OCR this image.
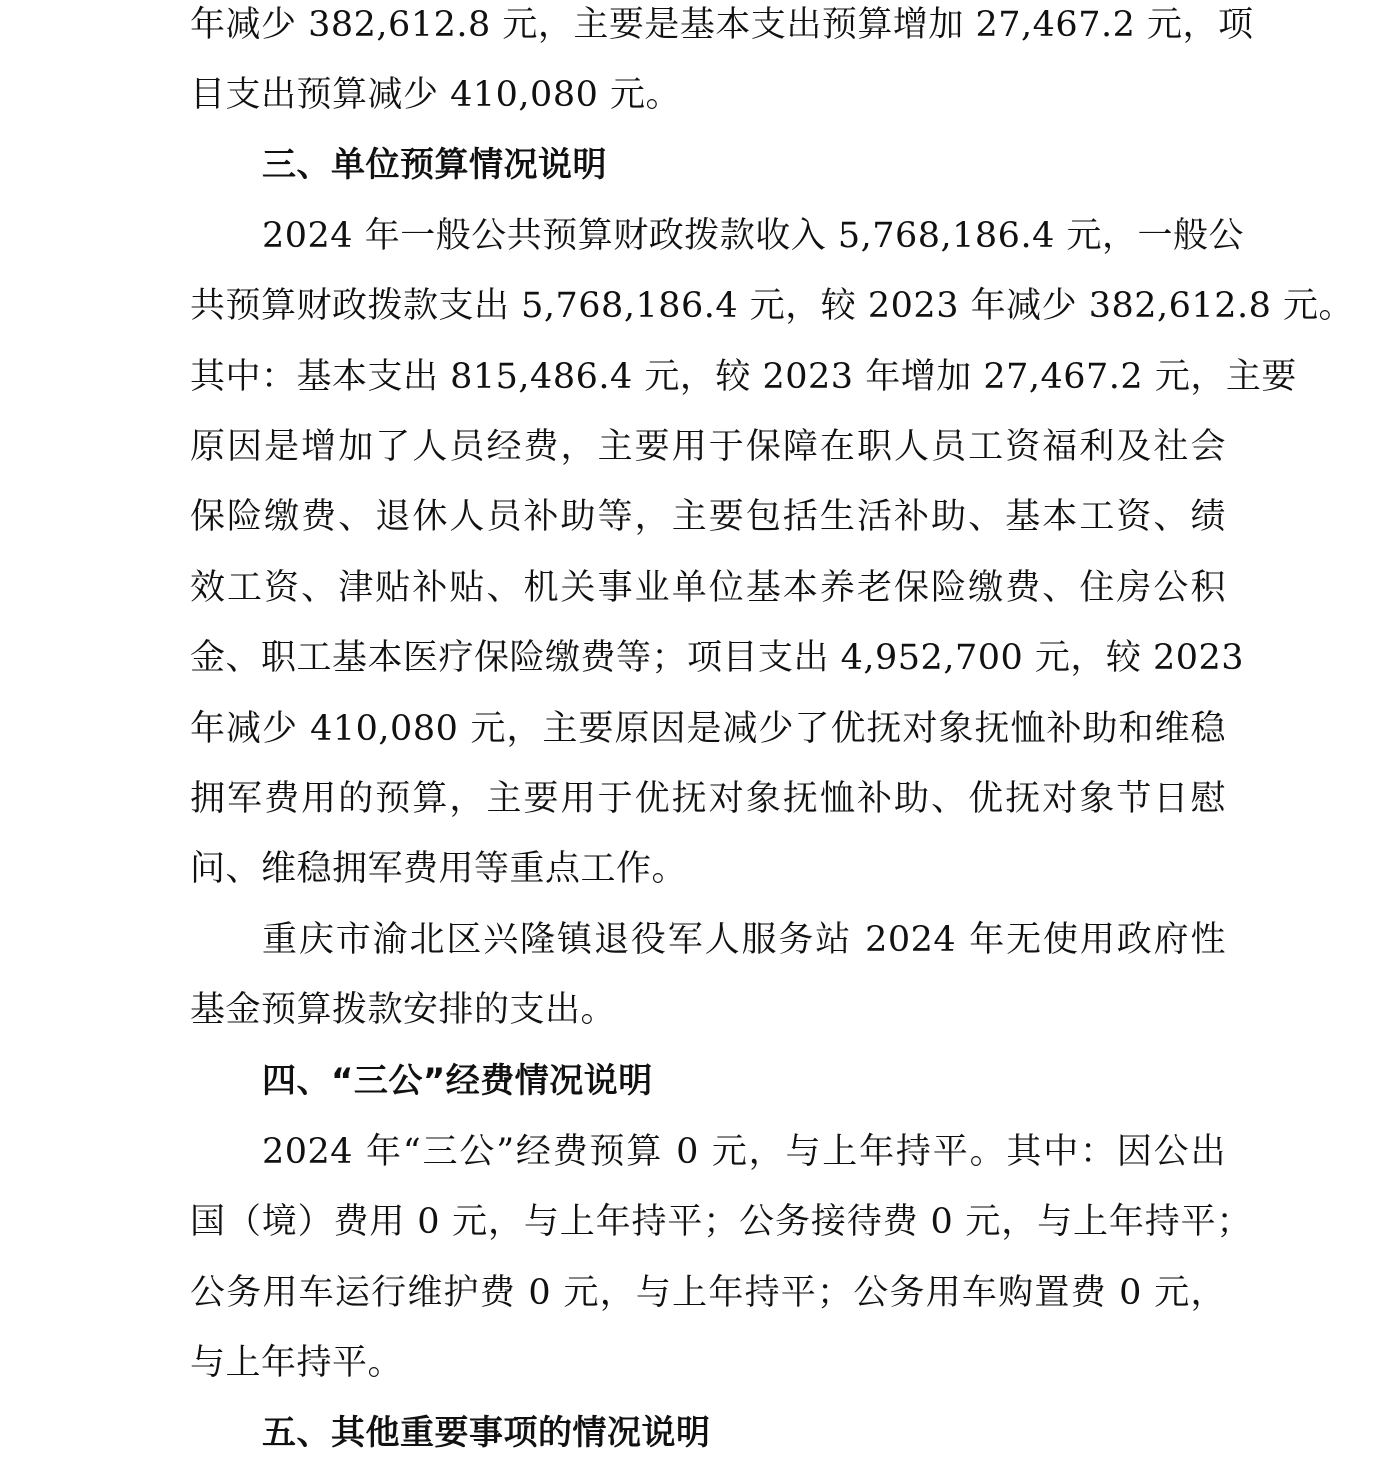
年减少 382,612.8 元，主要是基本支出预算增加 27,467.2 元，项
目支出预算减少 410,080 元。
三、单位预算情况说明
2024 年一般公共预算财政拨款收入 5,768,186.4 元，一般公
共预算财政拨款支出 5,768,186.4 元，较 2023 年减少 382,612.8 元。
其中：基本支出 815,486.4 元，较 2023 年增加 27,467.2 元，主要
原因是增加了人员经费，主要用于保障在职人员工资福利及社会
保险缴费、退休人员补助等，主要包括生活补助、基本工资、绩
效工资、津贴补贴、机关事业单位基本养老保险缴费、住房公积
金、职工基本医疗保险缴费等；项目支出 4,952,700 元，较 2023
年减少 410,080 元，主要原因是减少了优抚对象抚恤补助和维稳
拥军费用的预算，主要用于优抚对象抚恤补助、优抚对象节日慰
问、维稳拥军费用等重点工作。
重庆市渝北区兴隆镇退役军人服务站 2024 年无使用政府性
基金预算拨款安排的支出。
四、“三公”经费情况说明
2024 年“三公”经费预算 0 元，与上年持平。其中：因公出
国（境）费用 0 元，与上年持平；公务接待费 0 元，与上年持平；
公务用车运行维护费 0 元，与上年持平；公务用车购置费 0 元，
与上年持平。
五、其他重要事项的情况说明
